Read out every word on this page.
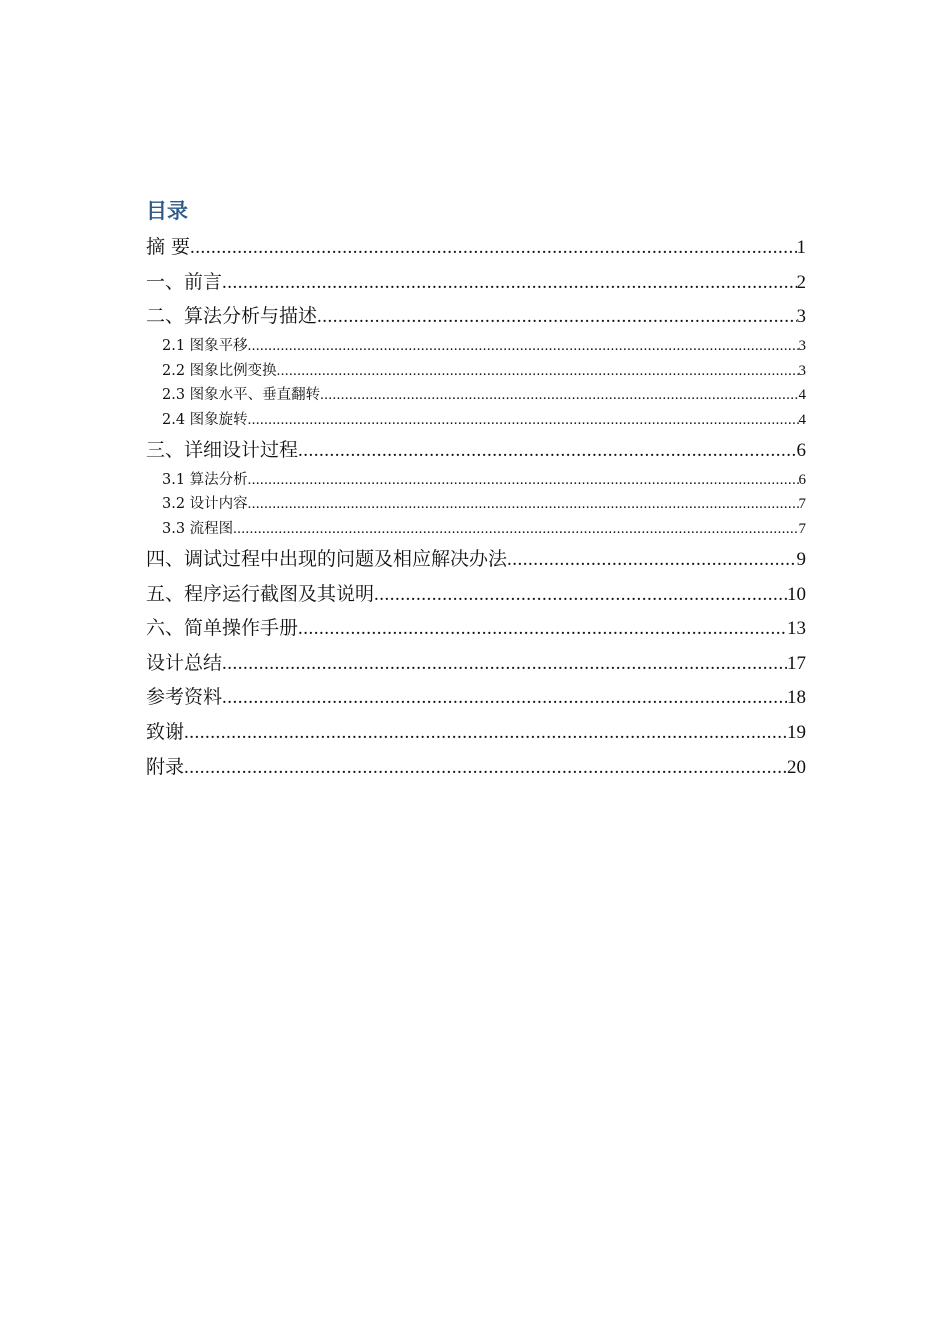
目录
摘 要 .....	1
一、前言 .....	2
二、算法分析与描述 .....	3
2.1 图象平移 .....	3
2.2 图象比例变换 .....	3
2.3 图象水平、垂直翻转 .....	4
2.4 图象旋转 .....	4
三、详细设计过程 .....	6
3.1 算法分析 .....	6
3.2 设计内容 .....	7
3.3 流程图 .....	7
四、调试过程中出现的问题及相应解决办法 .....	9
五、程序运行截图及其说明 .....	10
六、简单操作手册 .....	13
设计总结 .....	17
参考资料 .....	18
致谢 .....	19
附录 .....	20
